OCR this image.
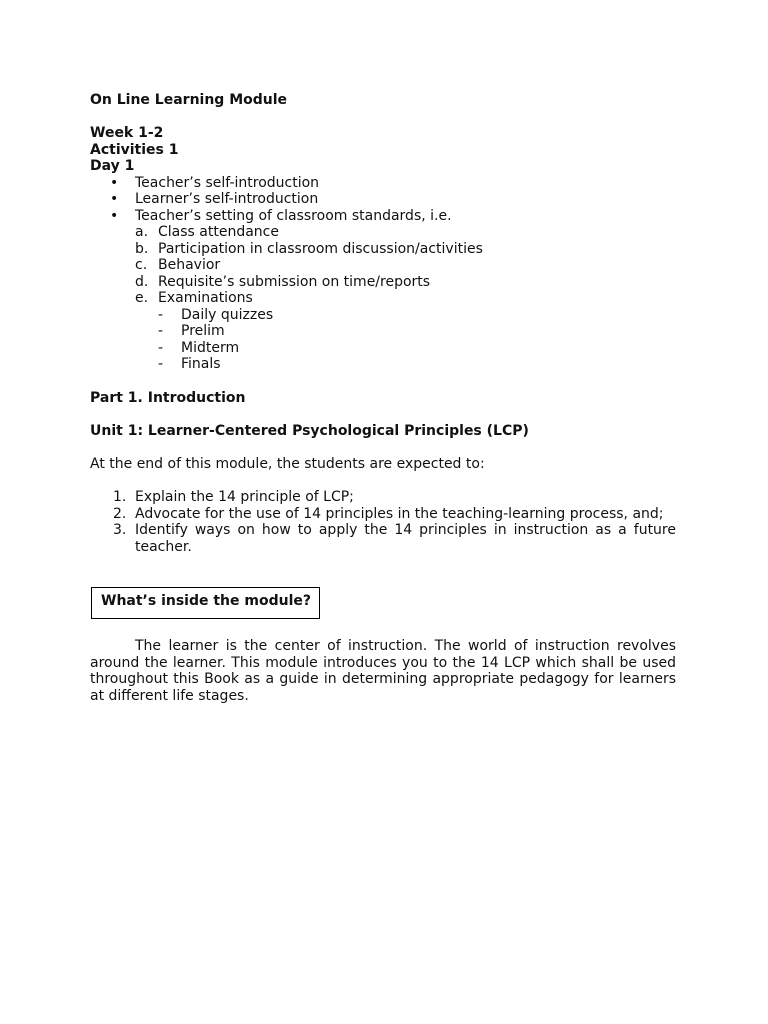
On Line Learning Module
Week 1-2
Activities 1
Day 1
• Teacher’s self-introduction
• Learner’s self-introduction
• Teacher’s setting of classroom standards, i.e.
a. Class attendance
b. Participation in classroom discussion/activities
c. Behavior
d. Requisite’s submission on time/reports
e. Examinations
- Daily quizzes
- Prelim
- Midterm
- Finals
Part 1. Introduction
Unit 1: Learner-Centered Psychological Principles (LCP)
At the end of this module, the students are expected to:
1. Explain the 14 principle of LCP;
2. Advocate for the use of 14 principles in the teaching-learning process, and;
3. Identify ways on how to apply the 14 principles in instruction as a future teacher.
What’s inside the module?
The learner is the center of instruction. The world of instruction revolves around the learner. This module introduces you to the 14 LCP which shall be used throughout this Book as a guide in determining appropriate pedagogy for learners at different life stages.
